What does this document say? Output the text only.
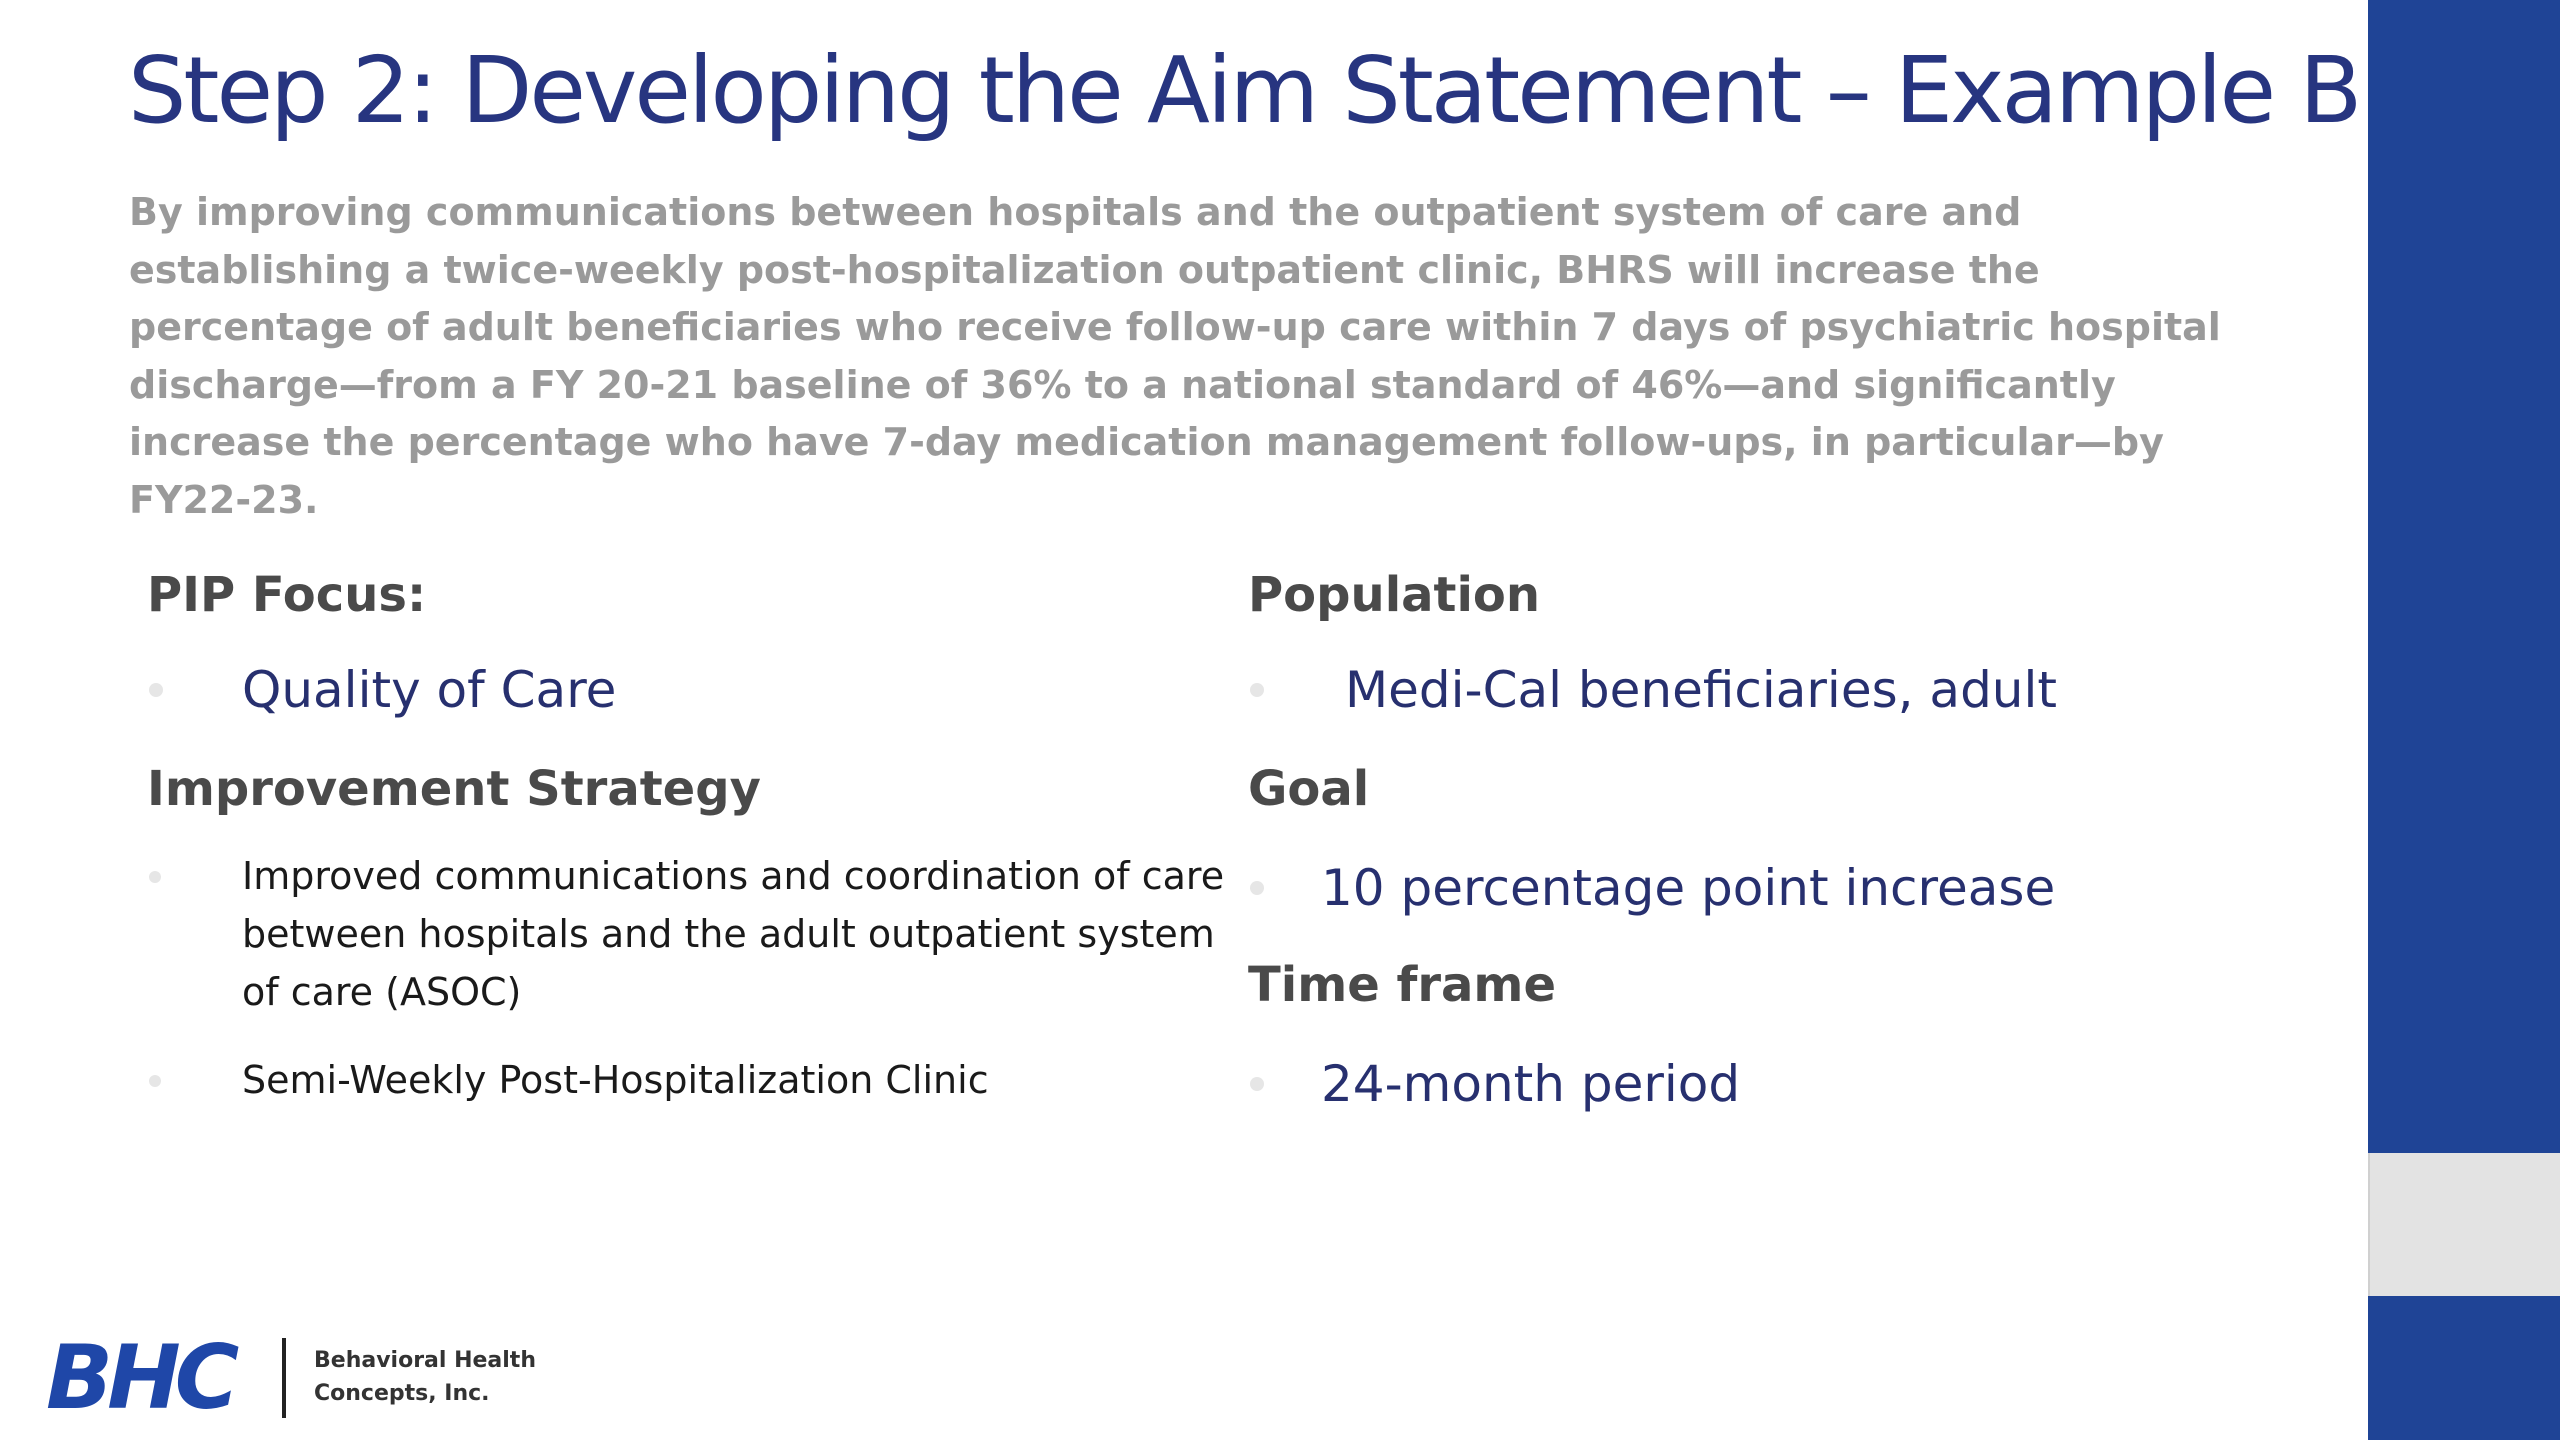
Step 2: Developing the Aim Statement – Example B
By improving communications between hospitals and the outpatient system of care and establishing a twice-weekly post-hospitalization outpatient clinic, BHRS will increase the percentage of adult beneficiaries who receive follow-up care within 7 days of psychiatric hospital discharge—from a FY 20-21 baseline of 36% to a national standard of 46%—and significantly increase the percentage who have 7-day medication management follow-ups, in particular—by FY22-23.
PIP Focus:
Quality of Care
Improvement Strategy
Improved communications and coordination of care between hospitals and the adult outpatient system of care (ASOC)
Semi-Weekly Post-Hospitalization Clinic
Population
Medi-Cal beneficiaries, adult
Goal
10 percentage point increase
Time frame
24-month period
BHC	Behavioral Health
Concepts, Inc.
